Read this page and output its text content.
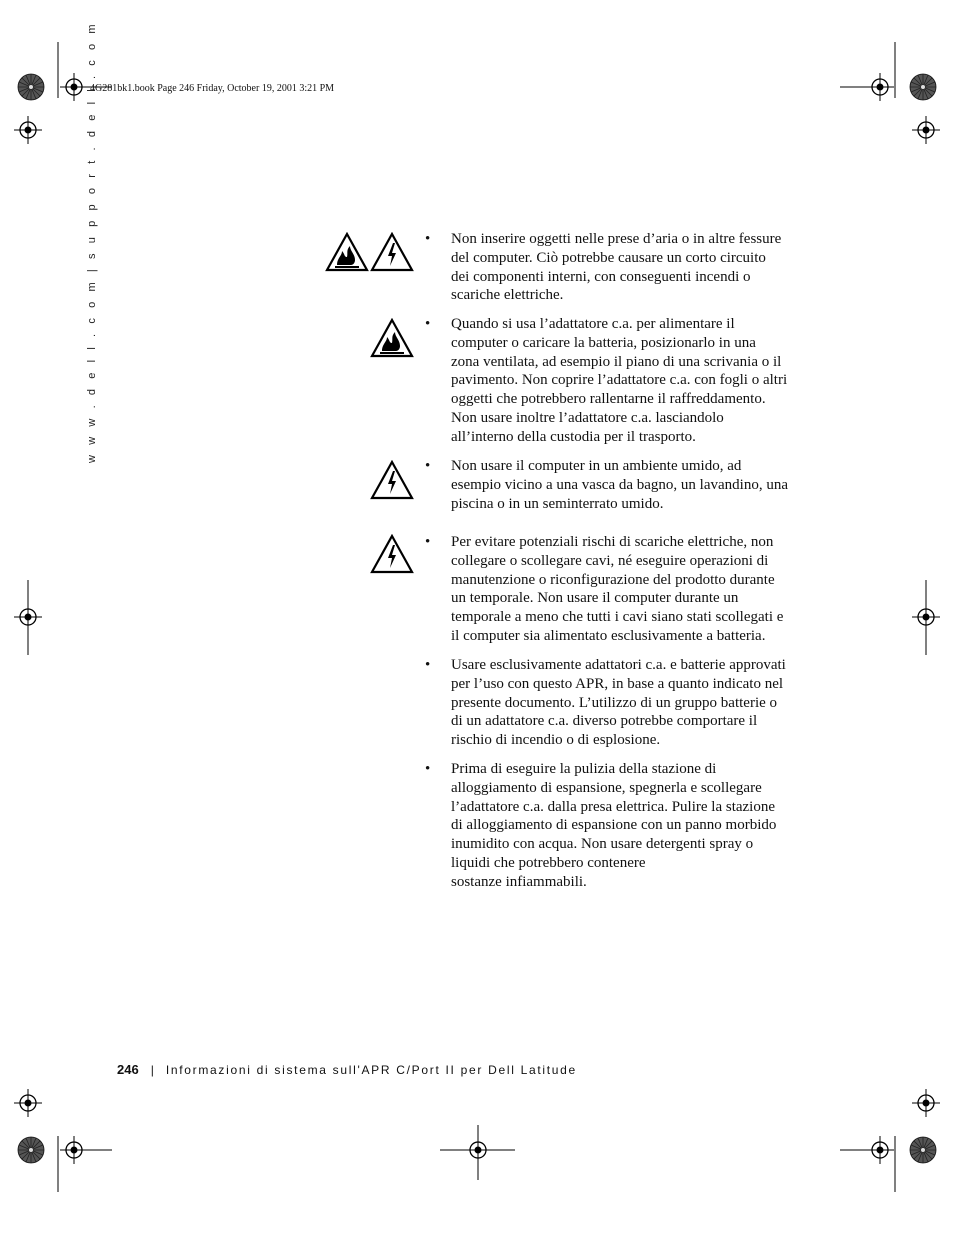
4G281bk1.book Page 246 Friday, October 19, 2001 3:21 PM
w w w . d e l l . c o m | s u p p o r t . d e l l . c o m	• Non inserire oggetti nelle prese d’aria o in altre fessure
del computer. Ciò potrebbe causare un corto circuito
dei componenti interni, con conseguenti incendi o
scariche elettriche.
• Quando si usa l’adattatore c.a. per alimentare il
computer o caricare la batteria, posizionarlo in una
zona ventilata, ad esempio il piano di una scrivania o il
pavimento. Non coprire l’adattatore c.a. con fogli o altri
oggetti che potrebbero rallentarne il raffreddamento.
Non usare inoltre l’adattatore c.a. lasciandolo
all’interno della custodia per il trasporto.
• Non usare il computer in un ambiente umido, ad
esempio vicino a una vasca da bagno, un lavandino, una
piscina o in un seminterrato umido.
• Per evitare potenziali rischi di scariche elettriche, non
collegare o scollegare cavi, né eseguire operazioni di
manutenzione o riconfigurazione del prodotto durante
un temporale. Non usare il computer durante un
temporale a meno che tutti i cavi siano stati scollegati e
il computer sia alimentato esclusivamente a batteria.
• Usare esclusivamente adattatori c.a. e batterie approvati
per l’uso con questo APR, in base a quanto indicato nel
presente documento. L’utilizzo di un gruppo batterie o
di un adattatore c.a. diverso potrebbe comportare il
rischio di incendio o di esplosione.
• Prima di eseguire la pulizia della stazione di
alloggiamento di espansione, spegnerla e scollegare
l’adattatore c.a. dalla presa elettrica. Pulire la stazione
di alloggiamento di espansione con un panno morbido
inumidito con acqua. Non usare detergenti spray o
liquidi che potrebbero contenere
sostanze infiammabili.
246 | Informazioni di sistema sull'APR C/Port II per Dell Latitude
